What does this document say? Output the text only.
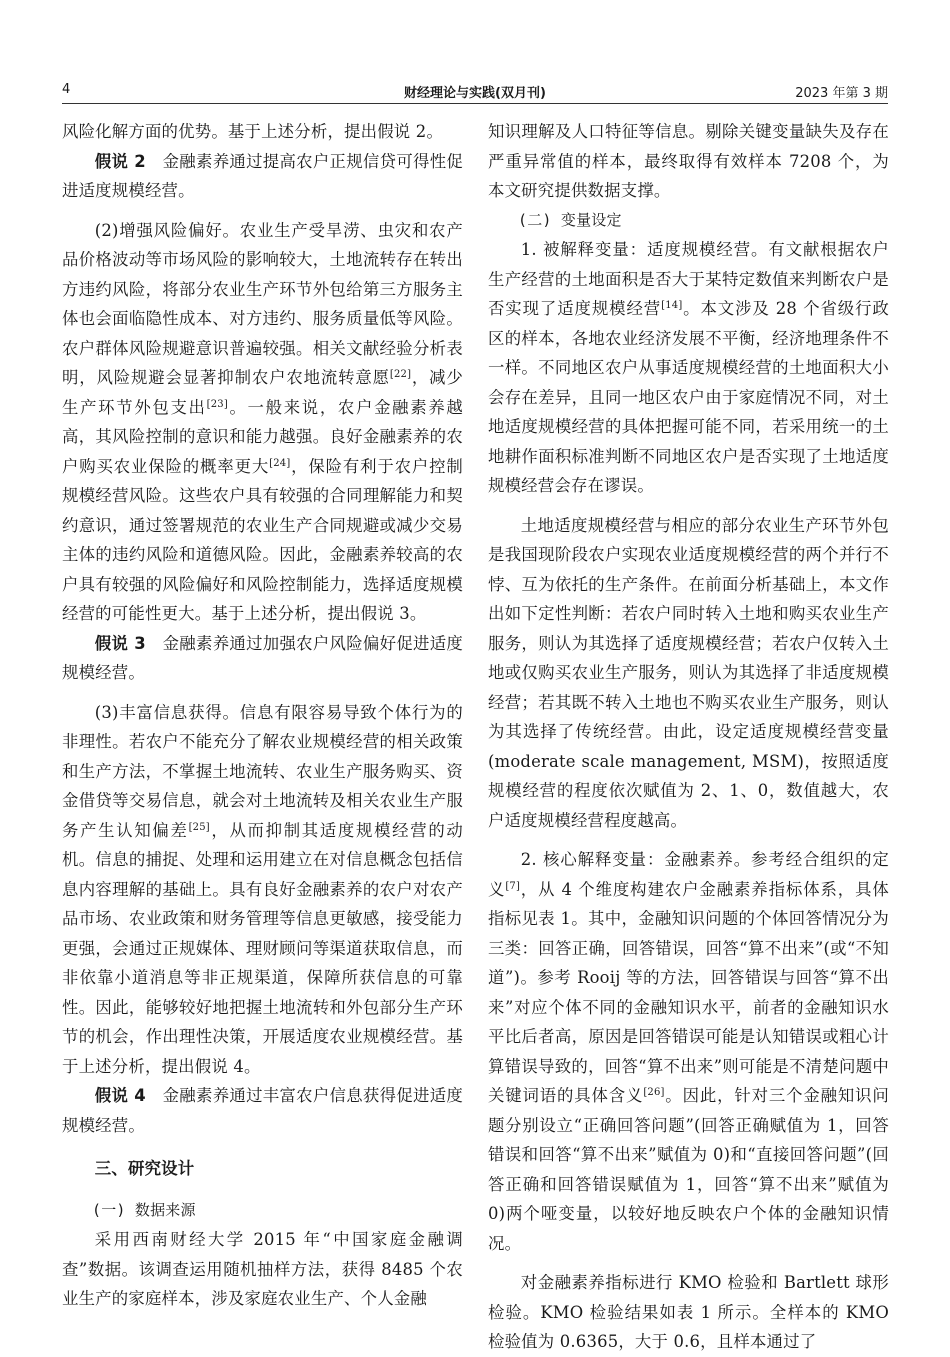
4	财经理论与实践(双月刊)	2023 年第 3 期

风险化解方面的优势。基于上述分析，提出假说 2。

假说 2　金融素养通过提高农户正规信贷可得性促进适度规模经营。

(2)增强风险偏好。农业生产受旱涝、虫灾和农产品价格波动等市场风险的影响较大，土地流转存在转出方违约风险，将部分农业生产环节外包给第三方服务主体也会面临隐性成本、对方违约、服务质量低等风险。农户群体风险规避意识普遍较强。相关文献经验分析表明，风险规避会显著抑制农户农地流转意愿[22]，减少生产环节外包支出[23]。一般来说，农户金融素养越高，其风险控制的意识和能力越强。良好金融素养的农户购买农业保险的概率更大[24]，保险有利于农户控制规模经营风险。这些农户具有较强的合同理解能力和契约意识，通过签署规范的农业生产合同规避或减少交易主体的违约风险和道德风险。因此，金融素养较高的农户具有较强的风险偏好和风险控制能力，选择适度规模经营的可能性更大。基于上述分析，提出假说 3。

假说 3　金融素养通过加强农户风险偏好促进适度规模经营。

(3)丰富信息获得。信息有限容易导致个体行为的非理性。若农户不能充分了解农业规模经营的相关政策和生产方法，不掌握土地流转、农业生产服务购买、资金借贷等交易信息，就会对土地流转及相关农业生产服务产生认知偏差[25]，从而抑制其适度规模经营的动机。信息的捕捉、处理和运用建立在对信息概念包括信息内容理解的基础上。具有良好金融素养的农户对农产品市场、农业政策和财务管理等信息更敏感，接受能力更强，会通过正规媒体、理财顾问等渠道获取信息，而非依靠小道消息等非正规渠道，保障所获信息的可靠性。因此，能够较好地把握土地流转和外包部分生产环节的机会，作出理性决策，开展适度农业规模经营。基于上述分析，提出假说 4。

假说 4　金融素养通过丰富农户信息获得促进适度规模经营。

三、研究设计

(一) 数据来源

采用西南财经大学 2015 年“中国家庭金融调查”数据。该调查运用随机抽样方法，获得 8485 个农业生产的家庭样本，涉及家庭农业生产、个人金融

知识理解及人口特征等信息。剔除关键变量缺失及存在严重异常值的样本，最终取得有效样本 7208 个，为本文研究提供数据支撑。

(二) 变量设定

1. 被解释变量：适度规模经营。有文献根据农户生产经营的土地面积是否大于某特定数值来判断农户是否实现了适度规模经营[14]。本文涉及 28 个省级行政区的样本，各地农业经济发展不平衡，经济地理条件不一样。不同地区农户从事适度规模经营的土地面积大小会存在差异，且同一地区农户由于家庭情况不同，对土地适度规模经营的具体把握可能不同，若采用统一的土地耕作面积标准判断不同地区农户是否实现了土地适度规模经营会存在谬误。

土地适度规模经营与相应的部分农业生产环节外包是我国现阶段农户实现农业适度规模经营的两个并行不悖、互为依托的生产条件。在前面分析基础上，本文作出如下定性判断：若农户同时转入土地和购买农业生产服务，则认为其选择了适度规模经营；若农户仅转入土地或仅购买农业生产服务，则认为其选择了非适度规模经营；若其既不转入土地也不购买农业生产服务，则认为其选择了传统经营。由此，设定适度规模经营变量(moderate scale management, MSM)，按照适度规模经营的程度依次赋值为 2、1、0，数值越大，农户适度规模经营程度越高。

2. 核心解释变量：金融素养。参考经合组织的定义[7]，从 4 个维度构建农户金融素养指标体系，具体指标见表 1。其中，金融知识问题的个体回答情况分为三类：回答正确，回答错误，回答“算不出来”(或“不知道”)。参考 Rooij 等的方法，回答错误与回答“算不出来”对应个体不同的金融知识水平，前者的金融知识水平比后者高，原因是回答错误可能是认知错误或粗心计算错误导致的，回答“算不出来”则可能是不清楚问题中关键词语的具体含义[26]。因此，针对三个金融知识问题分别设立“正确回答问题”(回答正确赋值为 1，回答错误和回答“算不出来”赋值为 0)和“直接回答问题”(回答正确和回答错误赋值为 1，回答“算不出来”赋值为 0)两个哑变量，以较好地反映农户个体的金融知识情况。

对金融素养指标进行 KMO 检验和 Bartlett 球形检验。KMO 检验结果如表 1 所示。全样本的 KMO 检验值为 0.6365，大于 0.6，且样本通过了
